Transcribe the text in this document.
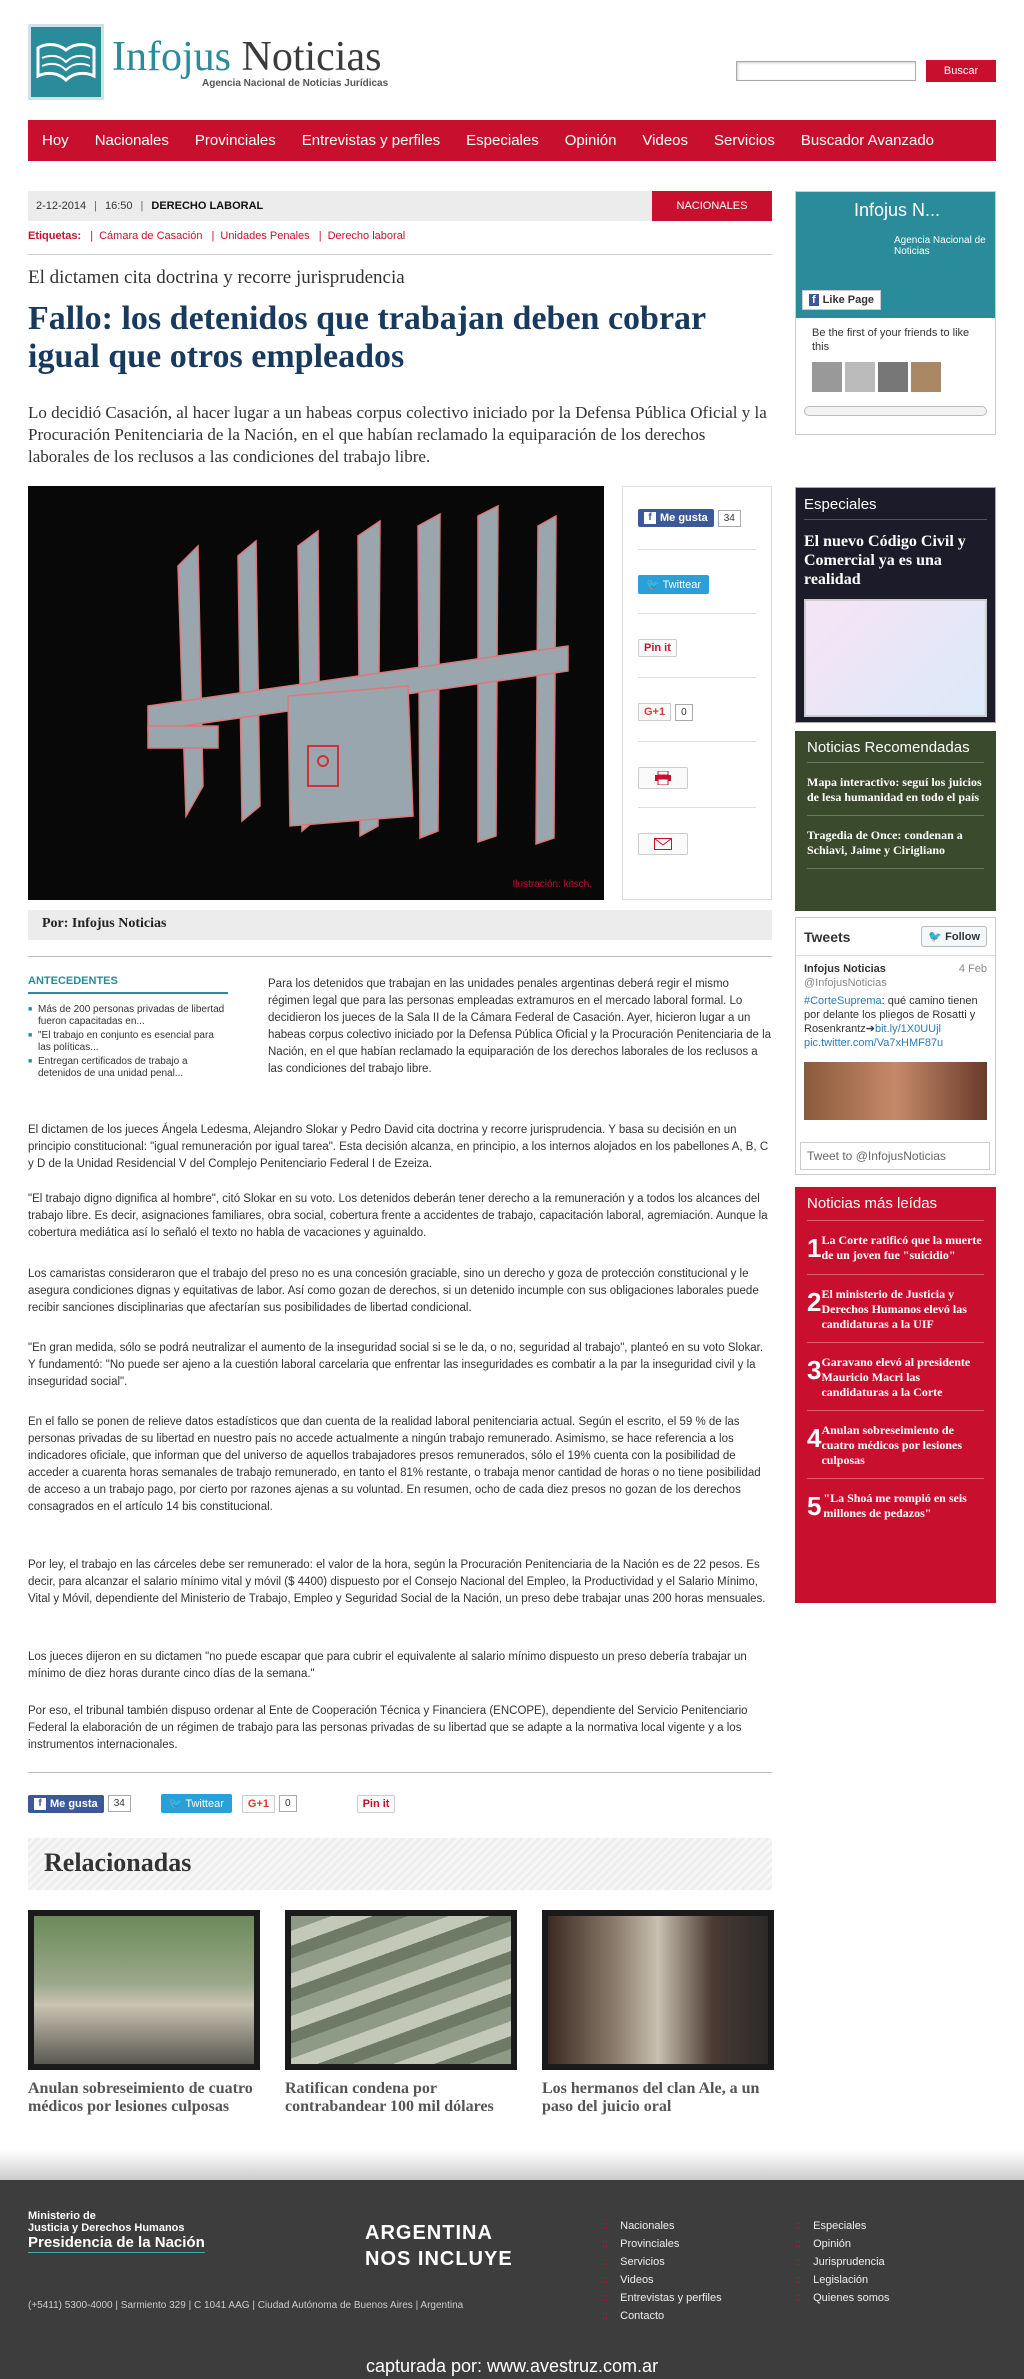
Infojus Noticias
Agencia Nacional de Noticias Jurídicas
Buscar
Hoy Nacionales Provinciales Entrevistas y perfiles Especiales Opinión Videos Servicios Buscador Avanzado
2-12-2014 | 16:50 | DERECHO LABORAL	NACIONALES
Etiquetas: | Cámara de Casación | Unidades Penales | Derecho laboral
El dictamen cita doctrina y recorre jurisprudencia
Fallo: los detenidos que trabajan deben cobrar igual que otros empleados

Lo decidió Casación, al hacer lugar a un habeas corpus colectivo iniciado por la Defensa Pública Oficial y la Procuración Penitenciaria de la Nación, en el que habían reclamado la equiparación de los derechos laborales de los reclusos a las condiciones del trabajo libre.

Ilustración: kitsch.
f Me gusta	34
🐦 Twittear
Pin it
G+1	0
Por: Infojus Noticias
ANTECEDENTES
■ Más de 200 personas privadas de libertad fueron capacitadas en...
■ "El trabajo en conjunto es esencial para las políticas...
■ Entregan certificados de trabajo a detenidos de una unidad penal...

Para los detenidos que trabajan en las unidades penales argentinas deberá regir el mismo régimen legal que para las personas empleadas extramuros en el mercado laboral formal. Lo decidieron los jueces de la Sala II de la Cámara Federal de Casación. Ayer, hicieron lugar a un habeas corpus colectivo iniciado por la Defensa Pública Oficial y la Procuración Penitenciaria de la Nación, en el que habían reclamado la equiparación de los derechos laborales de los reclusos a las condiciones del trabajo libre.

El dictamen de los jueces Ángela Ledesma, Alejandro Slokar y Pedro David cita doctrina y recorre jurisprudencia. Y basa su decisión en un principio constitucional: "igual remuneración por igual tarea". Esta decisión alcanza, en principio, a los internos alojados en los pabellones A, B, C y D de la Unidad Residencial V del Complejo Penitenciario Federal I de Ezeiza.

"El trabajo digno dignifica al hombre", citó Slokar en su voto. Los detenidos deberán tener derecho a la remuneración y a todos los alcances del trabajo libre. Es decir, asignaciones familiares, obra social, cobertura frente a accidentes de trabajo, capacitación laboral, agremiación. Aunque la cobertura mediática así lo señaló el texto no habla de vacaciones y aguinaldo.

Los camaristas consideraron que el trabajo del preso no es una concesión graciable, sino un derecho y goza de protección constitucional y le asegura condiciones dignas y equitativas de labor. Así como gozan de derechos, si un detenido incumple con sus obligaciones laborales puede recibir sanciones disciplinarias que afectarían sus posibilidades de libertad condicional.

"En gran medida, sólo se podrá neutralizar el aumento de la inseguridad social si se le da, o no, seguridad al trabajo", planteó en su voto Slokar. Y fundamentó: "No puede ser ajeno a la cuestión laboral carcelaria que enfrentar las inseguridades es combatir a la par la inseguridad civil y la inseguridad social".

En el fallo se ponen de relieve datos estadísticos que dan cuenta de la realidad laboral penitenciaria actual. Según el escrito, el 59 % de las personas privadas de su libertad en nuestro país no accede actualmente a ningún trabajo remunerado. Asimismo, se hace referencia a los indicadores oficiale, que informan que del universo de aquellos trabajadores presos remunerados, sólo el 19% cuenta con la posibilidad de acceder a cuarenta horas semanales de trabajo remunerado, en tanto el 81% restante, o trabaja menor cantidad de horas o no tiene posibilidad de acceso a un trabajo pago, por cierto por razones ajenas a su voluntad. En resumen, ocho de cada diez presos no gozan de los derechos consagrados en el artículo 14 bis constitucional.

Por ley, el trabajo en las cárceles debe ser remunerado: el valor de la hora, según la Procuración Penitenciaria de la Nación es de 22 pesos. Es decir, para alcanzar el salario mínimo vital y móvil ($ 4400) dispuesto por el Consejo Nacional del Empleo, la Productividad y el Salario Mínimo, Vital y Móvil, dependiente del Ministerio de Trabajo, Empleo y Seguridad Social de la Nación, un preso debe trabajar unas 200 horas mensuales.

Los jueces dijeron en su dictamen "no puede escapar que para cubrir el equivalente al salario mínimo dispuesto un preso debería trabajar un mínimo de diez horas durante cinco días de la semana."

Por eso, el tribunal también dispuso ordenar al Ente de Cooperación Técnica y Financiera (ENCOPE), dependiente del Servicio Penitenciario Federal la elaboración de un régimen de trabajo para las personas privadas de su libertad que se adapte a la normativa local vigente y a los instrumentos internacionales.

f Me gusta	34	🐦 Twittear	G+1	0	Pin it
Relacionadas
Anulan sobreseimiento de cuatro médicos por lesiones culposas
Ratifican condena por contrabandear 100 mil dólares
Los hermanos del clan Ale, a un paso del juicio oral
Infojus N...
Agencia Nacional de Noticias
f Like Page
Be the first of your friends to like this
Especiales
El nuevo Código Civil y Comercial ya es una realidad
Noticias Recomendadas
Mapa interactivo: seguí los juicios de lesa humanidad en todo el país
Tragedia de Once: condenan a Schiavi, Jaime y Cirigliano
Tweets	🐦 Follow
Infojus Noticias	4 Feb
@InfojusNoticias
#CorteSuprema: qué camino tienen por delante los pliegos de Rosatti y Rosenkrantz➔bit.ly/1X0UUjl
pic.twitter.com/Va7xHMF87u
Tweet to @InfojusNoticias
Noticias más leídas
1 La Corte ratificó que la muerte de un joven fue "suicidio"
2 El ministerio de Justicia y Derechos Humanos elevó las candidaturas a la UIF
3 Garavano elevó al presidente Mauricio Macri las candidaturas a la Corte
4 Anulan sobreseimiento de cuatro médicos por lesiones culposas
5 "La Shoá me rompió en seis millones de pedazos"
Ministerio de
Justicia y Derechos Humanos
Presidencia de la Nación	ARGENTINA
NOS INCLUYE
(+5411) 5300-4000 | Sarmiento 329 | C 1041 AAG | Ciudad Autónoma de Buenos Aires | Argentina
:: Nacionales
:: Provinciales
:: Servicios
:: Videos
:: Entrevistas y perfiles
:: Contacto
:: Especiales
:: Opinión
:: Jurisprudencia
:: Legislación
:: Quienes somos
capturada por: www.avestruz.com.ar
